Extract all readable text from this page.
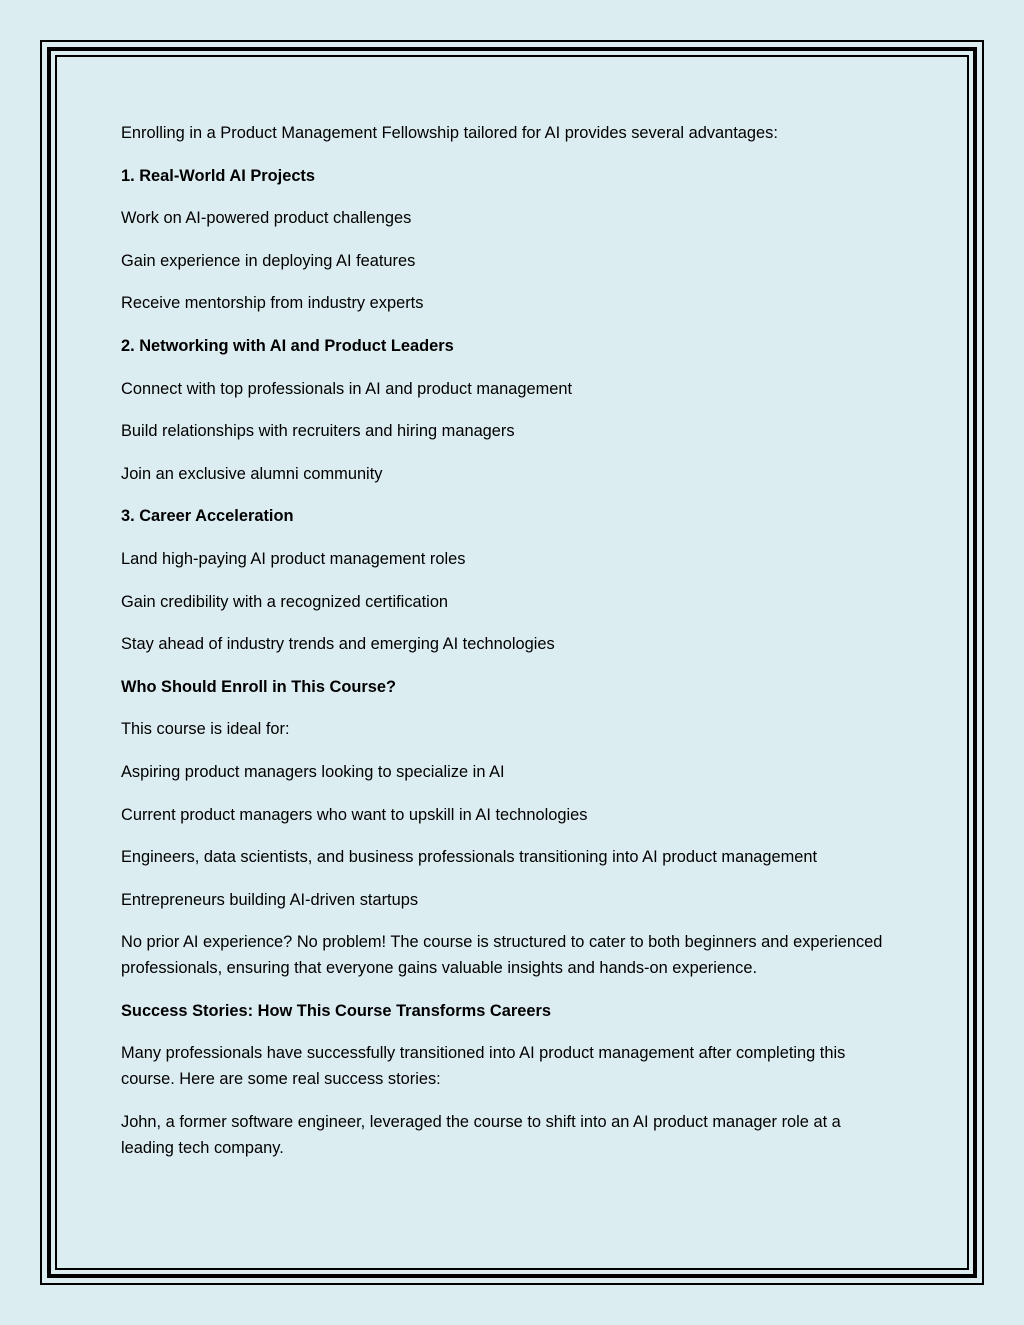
Enrolling in a Product Management Fellowship tailored for AI provides several advantages:

1. Real-World AI Projects

Work on AI-powered product challenges

Gain experience in deploying AI features

Receive mentorship from industry experts

2. Networking with AI and Product Leaders

Connect with top professionals in AI and product management

Build relationships with recruiters and hiring managers

Join an exclusive alumni community

3. Career Acceleration

Land high-paying AI product management roles

Gain credibility with a recognized certification

Stay ahead of industry trends and emerging AI technologies

Who Should Enroll in This Course?

This course is ideal for:

Aspiring product managers looking to specialize in AI

Current product managers who want to upskill in AI technologies

Engineers, data scientists, and business professionals transitioning into AI product management

Entrepreneurs building AI-driven startups

No prior AI experience? No problem! The course is structured to cater to both beginners and experienced professionals, ensuring that everyone gains valuable insights and hands-on experience.

Success Stories: How This Course Transforms Careers

Many professionals have successfully transitioned into AI product management after completing this course. Here are some real success stories:

John, a former software engineer, leveraged the course to shift into an AI product manager role at a leading tech company.
